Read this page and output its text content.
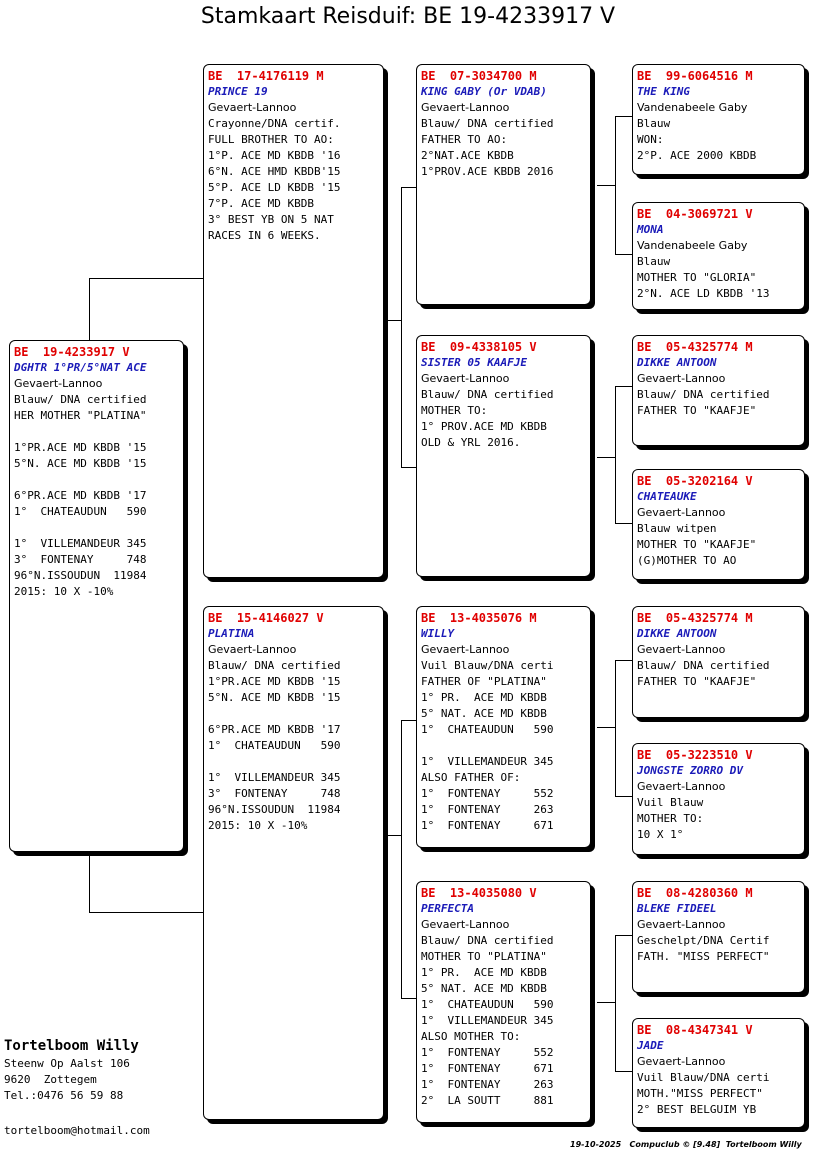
Stamkaart Reisduif: BE 19-4233917 V
BE  19-4233917 V
DGHTR 1°PR/5°NAT ACE
Gevaert-Lannoo
Blauw/ DNA certified
HER MOTHER "PLATINA"

1°PR.ACE MD KBDB '15
5°N. ACE MD KBDB '15

6°PR.ACE MD KBDB '17
1°  CHATEAUDUN   590

1°  VILLEMANDEUR 345
3°  FONTENAY     748
96°N.ISSOUDUN  11984
2015: 10 X -10%
BE  17-4176119 M
PRINCE 19
Gevaert-Lannoo
Crayonne/DNA certif.
FULL BROTHER TO AO:
1°P. ACE MD KBDB '16
6°N. ACE HMD KBDB'15
5°P. ACE LD KBDB '15
7°P. ACE MD KBDB
3° BEST YB ON 5 NAT
RACES IN 6 WEEKS.
BE  15-4146027 V
PLATINA
Gevaert-Lannoo
Blauw/ DNA certified
1°PR.ACE MD KBDB '15
5°N. ACE MD KBDB '15

6°PR.ACE MD KBDB '17
1°  CHATEAUDUN   590

1°  VILLEMANDEUR 345
3°  FONTENAY     748
96°N.ISSOUDUN  11984
2015: 10 X -10%
BE  07-3034700 M
KING GABY (Or VDAB)
Gevaert-Lannoo
Blauw/ DNA certified
FATHER TO AO:
2°NAT.ACE KBDB
1°PROV.ACE KBDB 2016
BE  09-4338105 V
SISTER 05 KAAFJE
Gevaert-Lannoo
Blauw/ DNA certified
MOTHER TO:
1° PROV.ACE MD KBDB
OLD & YRL 2016.
BE  13-4035076 M
WILLY
Gevaert-Lannoo
Vuil Blauw/DNA certi
FATHER OF "PLATINA"
1° PR.  ACE MD KBDB
5° NAT. ACE MD KBDB
1°  CHATEAUDUN   590

1°  VILLEMANDEUR 345
ALSO FATHER OF:
1°  FONTENAY     552
1°  FONTENAY     263
1°  FONTENAY     671
BE  13-4035080 V
PERFECTA
Gevaert-Lannoo
Blauw/ DNA certified
MOTHER TO "PLATINA"
1° PR.  ACE MD KBDB
5° NAT. ACE MD KBDB
1°  CHATEAUDUN   590
1°  VILLEMANDEUR 345
ALSO MOTHER TO:
1°  FONTENAY     552
1°  FONTENAY     671
1°  FONTENAY     263
2°  LA SOUTT     881
BE  99-6064516 M
THE KING
Vandenabeele Gaby
Blauw
WON:
2°P. ACE 2000 KBDB
BE  04-3069721 V
MONA
Vandenabeele Gaby
Blauw
MOTHER TO "GLORIA"
2°N. ACE LD KBDB '13
BE  05-4325774 M
DIKKE ANTOON
Gevaert-Lannoo
Blauw/ DNA certified
FATHER TO "KAAFJE"
BE  05-3202164 V
CHATEAUKE
Gevaert-Lannoo
Blauw witpen
MOTHER TO "KAAFJE"
(G)MOTHER TO AO
BE  05-4325774 M
DIKKE ANTOON
Gevaert-Lannoo
Blauw/ DNA certified
FATHER TO "KAAFJE"
BE  05-3223510 V
JONGSTE ZORRO DV
Gevaert-Lannoo
Vuil Blauw
MOTHER TO:
10 X 1°
BE  08-4280360 M
BLEKE FIDEEL
Gevaert-Lannoo
Geschelpt/DNA Certif
FATH. "MISS PERFECT"
BE  08-4347341 V
JADE
Gevaert-Lannoo
Vuil Blauw/DNA certi
MOTH."MISS PERFECT"
2° BEST BELGUIM YB
Tortelboom Willy
Steenw Op Aalst 106
9620  Zottegem
Tel.:0476 56 59 88
tortelboom@hotmail.com
19-10-2025   Compuclub © [9.48]  Tortelboom Willy
